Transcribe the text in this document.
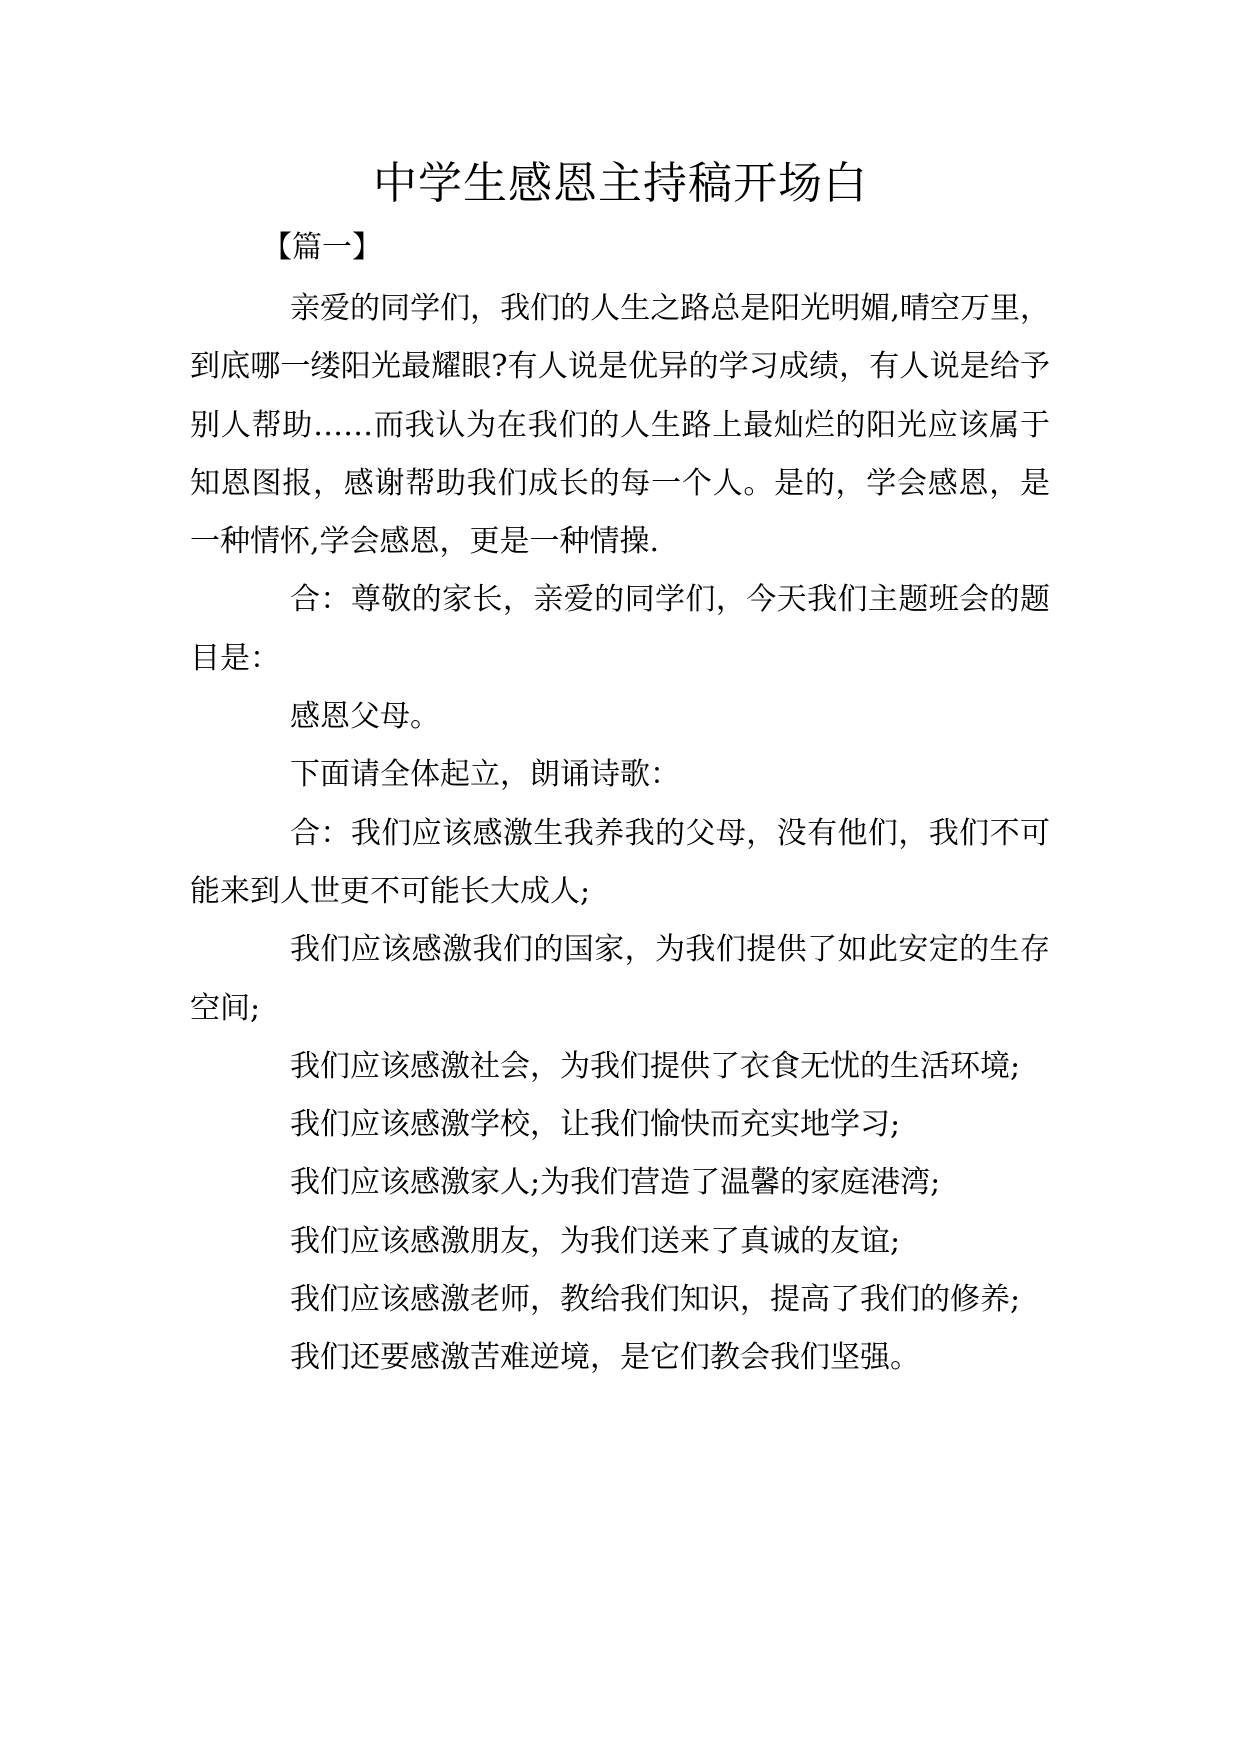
中学生感恩主持稿开场白

【篇一】

亲爱的同学们，我们的人生之路总是阳光明媚,晴空万里，到底哪一缕阳光最耀眼?有人说是优异的学习成绩，有人说是给予别人帮助……而我认为在我们的人生路上最灿烂的阳光应该属于知恩图报，感谢帮助我们成长的每一个人。是的，学会感恩，是一种情怀,学会感恩，更是一种情操.

合：尊敬的家长，亲爱的同学们，今天我们主题班会的题目是：

感恩父母。

下面请全体起立，朗诵诗歌：

合：我们应该感激生我养我的父母，没有他们，我们不可能来到人世更不可能长大成人;

我们应该感激我们的国家，为我们提供了如此安定的生存空间;

我们应该感激社会，为我们提供了衣食无忧的生活环境;

我们应该感激学校，让我们愉快而充实地学习;

我们应该感激家人;为我们营造了温馨的家庭港湾;

我们应该感激朋友，为我们送来了真诚的友谊;

我们应该感激老师，教给我们知识，提高了我们的修养;

我们还要感激苦难逆境，是它们教会我们坚强。
